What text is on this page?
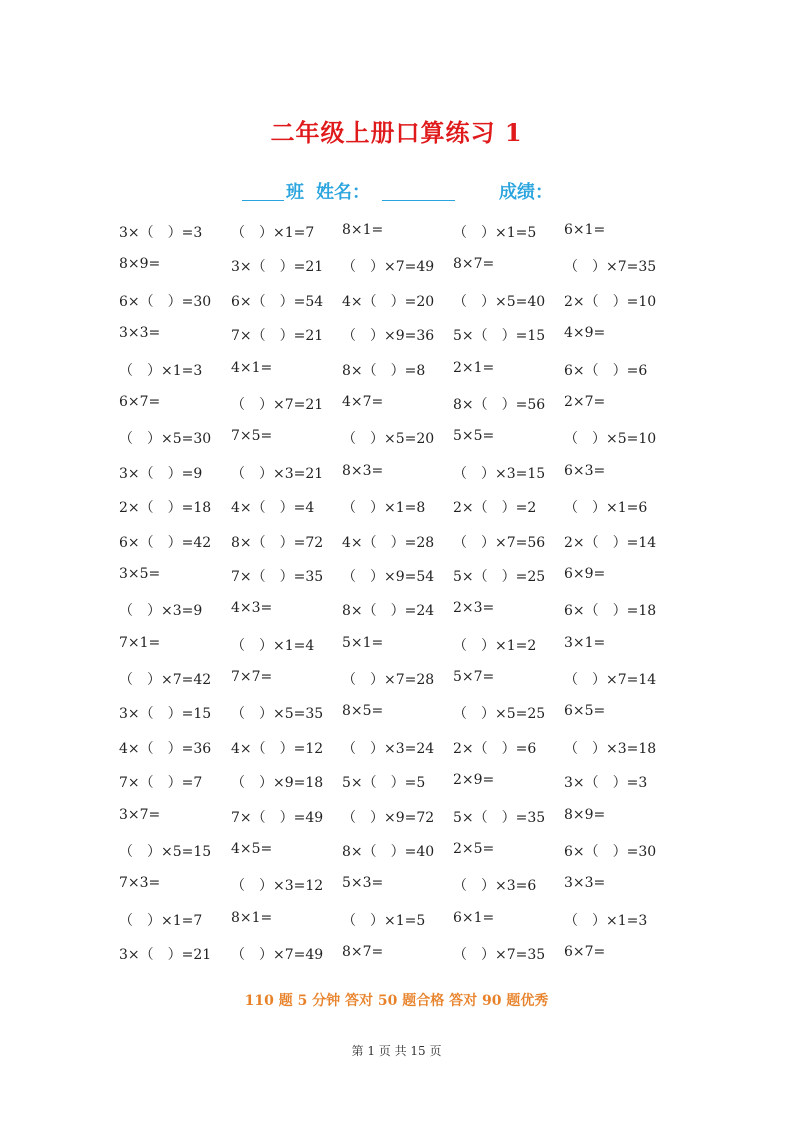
二年级上册口算练习 1
班 姓名：	成绩：
3×（　）=3 （　）×1=7 8×1=	（　）×1=5 6×1=
8×9=	3×（　）=21 （　）×7=49 8×7=	（　）×7=35
6×（　）=30 6×（　）=54 4×（　）=20 （　）×5=40 2×（　）=10
3×3=	7×（　）=21 （　）×9=36 5×（　）=15 4×9=
（　）×1=3 4×1=	8×（　）=8 2×1=	6×（　）=6
6×7=	（　）×7=21 4×7=	8×（　）=56 2×7=
（　）×5=30 7×5=	（　）×5=20 5×5=	（　）×5=10
3×（　）=9 （　）×3=21 8×3=	（　）×3=15 6×3=
2×（　）=18 4×（　）=4 （　）×1=8 2×（　）=2 （　）×1=6
6×（　）=42 8×（　）=72 4×（　）=28 （　）×7=56 2×（　）=14
3×5=	7×（　）=35 （　）×9=54 5×（　）=25 6×9=
（　）×3=9 4×3=	8×（　）=24 2×3=	6×（　）=18
7×1=	（　）×1=4 5×1=	（　）×1=2 3×1=
（　）×7=42 7×7=	（　）×7=28 5×7=	（　）×7=14
3×（　）=15 （　）×5=35 8×5=	（　）×5=25 6×5=
4×（　）=36 4×（　）=12 （　）×3=24 2×（　）=6 （　）×3=18
7×（　）=7 （　）×9=18 5×（　）=5 2×9=	3×（　）=3
3×7=	7×（　）=49 （　）×9=72 5×（　）=35 8×9=
（　）×5=15 4×5=	8×（　）=40 2×5=	6×（　）=30
7×3=	（　）×3=12 5×3=	（　）×3=6 3×3=
（　）×1=7 8×1=	（　）×1=5 6×1=	（　）×1=3
3×（　）=21 （　）×7=49 8×7=	（　）×7=35 6×7=
110 题 5 分钟 答对 50 题合格 答对 90 题优秀
第 1 页 共 15 页
